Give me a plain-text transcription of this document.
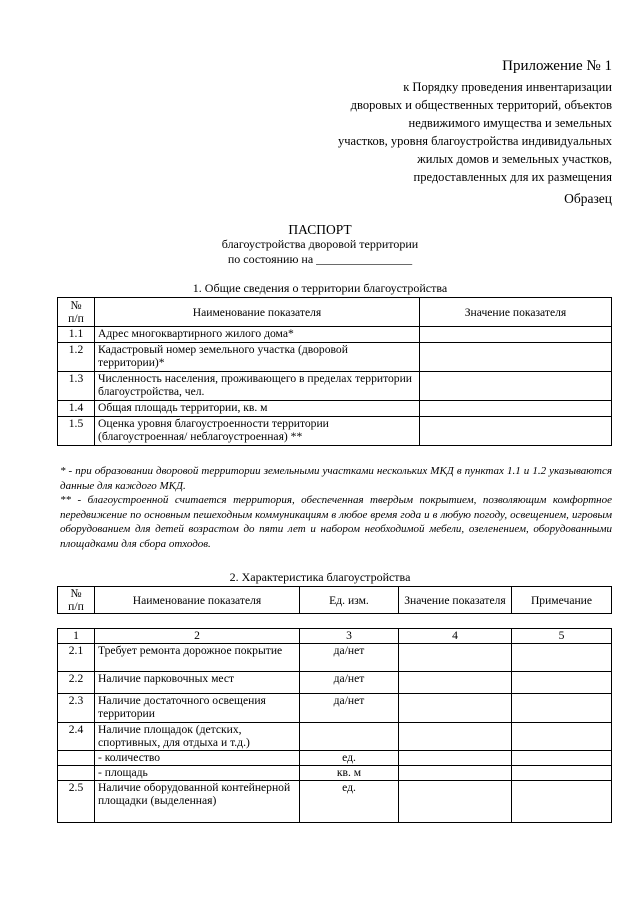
Приложение № 1
к Порядку проведения инвентаризации
дворовых и общественных территорий, объектов
недвижимого имущества и земельных
участков, уровня благоустройства индивидуальных
жилых домов и земельных участков,
предоставленных для их размещения
Образец
ПАСПОРТ
благоустройства дворовой территории
по состоянию на ________________
1. Общие сведения о территории благоустройства
№
п/п	Наименование показателя	Значение показателя
1.1	Адрес многоквартирного жилого дома*	
1.2	Кадастровый номер земельного участка (дворовой территории)*	
1.3	Численность населения, проживающего в пределах территории благоустройства, чел.	
1.4	Общая площадь территории, кв. м	
1.5	Оценка уровня благоустроенности территории (благоустроенная/ неблагоустроенная) **	
* - при образовании дворовой территории земельными участками нескольких МКД в пунктах 1.1 и 1.2 указываются данные для каждого МКД.
** - благоустроенной считается территория, обеспеченная твердым покрытием, позволяющим комфортное передвижение по основным пешеходным коммуникациям в любое время года и в любую погоду, освещением, игровым оборудованием для детей возрастом до пяти лет и набором необходимой мебели, озеленением, оборудованными площадками для сбора отходов.
2. Характеристика благоустройства
№
п/п	Наименование показателя	Ед. изм.	Значение показателя	Примечание
1	2	3	4	5
2.1	Требует ремонта дорожное покрытие	да/нет		
2.2	Наличие парковочных мест	да/нет		
2.3	Наличие достаточного освещения территории	да/нет		
2.4	Наличие площадок (детских, спортивных, для отдыха и т.д.)			
	- количество	ед.		
	- площадь	кв. м		
2.5	Наличие оборудованной контейнерной площадки (выделенная)	ед.		
